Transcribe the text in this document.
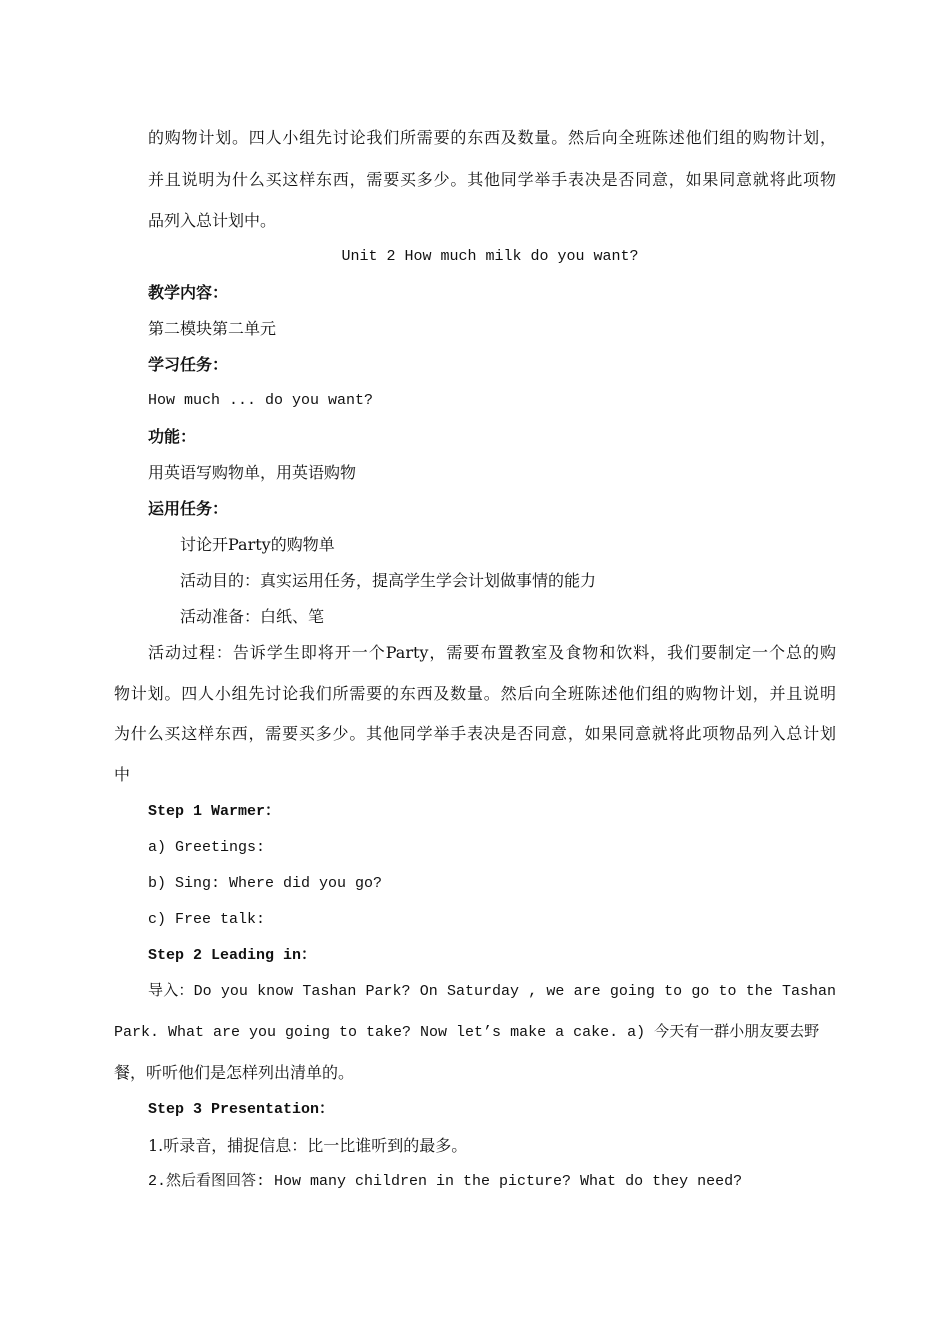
的购物计划。四人小组先讨论我们所需要的东西及数量。然后向全班陈述他们组的购物计划，
并且说明为什么买这样东西，需要买多少。其他同学举手表决是否同意，如果同意就将此项物
品列入总计划中。
Unit 2 How much milk do you want?
教学内容：
第二模块第二单元
学习任务：
How much ... do you want?
功能：
用英语写购物单，用英语购物
运用任务：
讨论开Party的购物单
活动目的：真实运用任务，提高学生学会计划做事情的能力
活动准备：白纸、笔
活动过程：告诉学生即将开一个Party，需要布置教室及食物和饮料，我们要制定一个总的购
物计划。四人小组先讨论我们所需要的东西及数量。然后向全班陈述他们组的购物计划，并且说明
为什么买这样东西，需要买多少。其他同学举手表决是否同意，如果同意就将此项物品列入总计划
中
Step 1 Warmer：
a) Greetings:
b) Sing: Where did you go?
c) Free talk:
Step 2 Leading in：
导入：Do you know Tashan Park? On Saturday , we are going to go to the Tashan
Park. What are you going to take? Now let’s make a cake. a) 今天有一群小朋友要去野
餐，听听他们是怎样列出清单的。
Step 3 Presentation：
1.听录音，捕捉信息：比一比谁听到的最多。
2.然后看图回答: How many children in the picture? What do they need?
